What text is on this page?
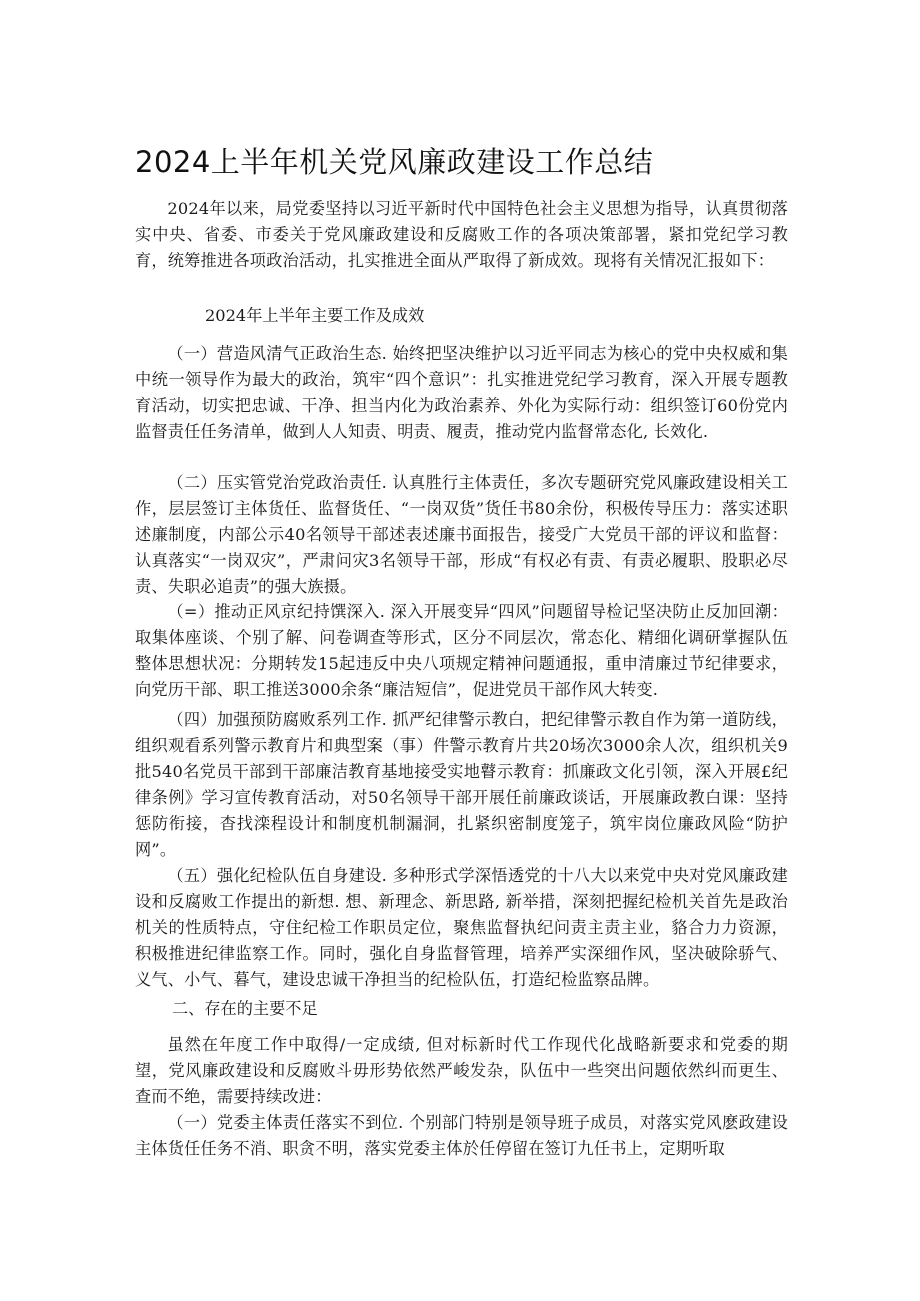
2024上半年机关党风廉政建设工作总结

2024年以来，局党委坚持以习近平新时代中国特色社会主义思想为指导，认真贯彻落实中央、省委、市委关于党风廉政建设和反腐败工作的各项决策部署，紧扣党纪学习教育，统筹推进各项政治活动，扎实推进全面从严取得了新成效。现将有关情况汇报如下：

2024年上半年主要工作及成效

（一）营造风清气正政治生态. 始终把坚决维护以习近平同志为核心的党中央权威和集中统一领导作为最大的政治，筑牢“四个意识”：扎实推进党纪学习教育，深入开展专题教育活动，切实把忠诚、干净、担当内化为政治素养、外化为实际行动：组织签订60份党内监督责任任务清单，做到人人知责、明责、履责，推动党内监督常态化, 长效化.

（二）压实管党治党政治责任. 认真胜行主体责任，多次专题研究党风廉政建设相关工作，层层签订主体货任、监督货任、“一岗双货”货任书80余份，积极传导压力：落实述职述廉制度，内部公示40名领导干部述表述廉书面报告，接受广大党员干部的评议和监督：认真落实“一岗双灾”，严肃问灾3名领导干部，形成“有权必有责、有责必履职、股职必尽责、失职必追责”的强大族摄。

（=）推动正风京纪持馔深入. 深入开展变异“四风”问题留导检记坚决防止反加回潮：取集体座谈、个别了解、问卷调查等形式，区分不同层次，常态化、精细化调研掌握队伍整体思想状况：分期转发15起违反中央八项规定精神问题通报，重申清廉过节纪律要求，向党历干部、职工推送3000余条“廉洁短信”，促进党员干部作风大转变.

（四）加强预防腐败系列工作. 抓严纪律警示教白，把纪律警示教自作为第一道防线，组织观看系列警示教育片和典型案（事）件警示教育片共20场次3000余人次，组织机关9批540名党员干部到干部廉洁教育基地接受实地瞽示教育：抓廉政文化引领，深入开展£纪律条例》学习宣传教育活动，对50名领导干部开展任前廉政谈话，开展廉政教白课：坚持惩防衔接，杳找滦程设计和制度机制漏洞，扎紧织密制度笼子，筑牢岗位廉政风险“防护网”。

（五）强化纪检队伍自身建设. 多种形式学深悟透党的十八大以来党中央对党风廉政建设和反腐败工作提出的新想. 想、新理念、新思路, 新举措，深刻把握纪检机关首先是政治机关的性质特点，守住纪检工作职员定位，聚焦监督执纪问责主责主业，貉合力力资源，积极推进纪律监察工作。同时，强化自身监督管理，培养严实深细作风，坚决破除骄气、义气、小气、暮气，建设忠诚干净担当的纪检队伍，打造纪检监察品牌。

二、存在的主要不足

虽然在年度工作中取得/一定成绩, 但对标新时代工作现代化战略新要求和党委的期望，党风廉政建设和反腐败斗毋形势依然严峻发杂，队伍中一些突出问题依然纠而更生、查而不绝，需要持续改进：

（一）党委主体责任落实不到位. 个别部门特别是领导班子成员，对落实党风麽政建设主体货任任务不消、职贪不明，落实党委主体於任停留在签订九任书上，定期听取
